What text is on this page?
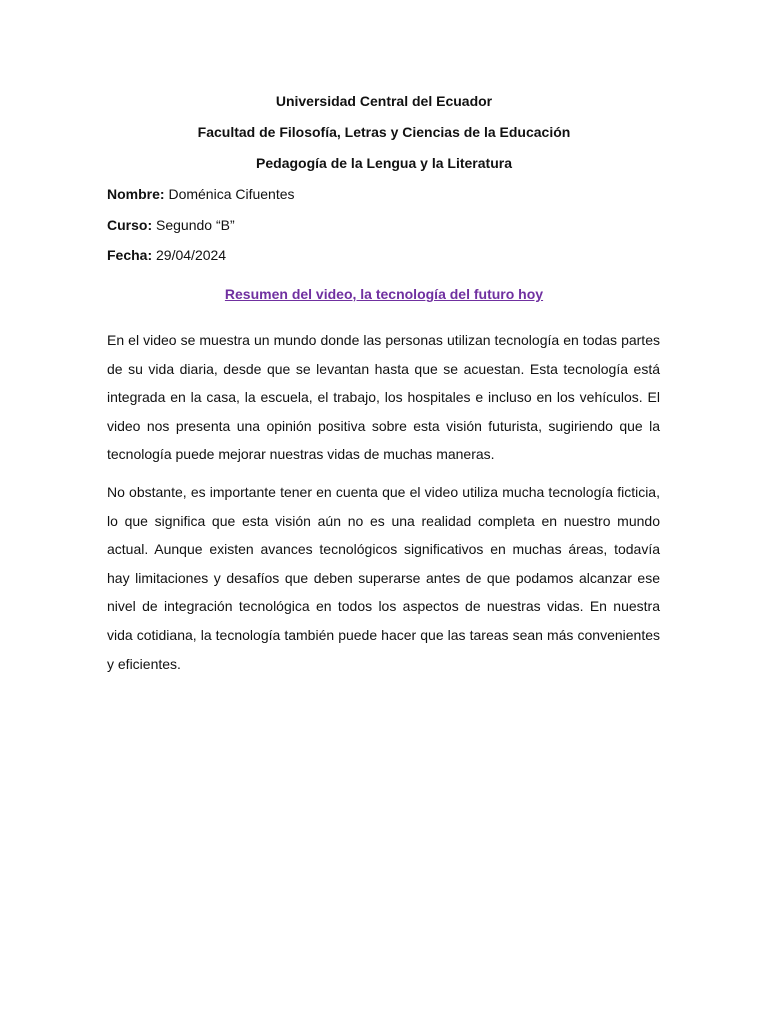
Universidad Central del Ecuador
Facultad de Filosofía, Letras y Ciencias de la Educación
Pedagogía de la Lengua y la Literatura
Nombre: Doménica Cifuentes
Curso: Segundo “B”
Fecha: 29/04/2024
Resumen del video, la tecnología del futuro hoy

En el video se muestra un mundo donde las personas utilizan tecnología en todas partes de su vida diaria, desde que se levantan hasta que se acuestan. Esta tecnología está integrada en la casa, la escuela, el trabajo, los hospitales e incluso en los vehículos. El video nos presenta una opinión positiva sobre esta visión futurista, sugiriendo que la tecnología puede mejorar nuestras vidas de muchas maneras.

No obstante, es importante tener en cuenta que el video utiliza mucha tecnología ficticia, lo que significa que esta visión aún no es una realidad completa en nuestro mundo actual. Aunque existen avances tecnológicos significativos en muchas áreas, todavía hay limitaciones y desafíos que deben superarse antes de que podamos alcanzar ese nivel de integración tecnológica en todos los aspectos de nuestras vidas. En nuestra vida cotidiana, la tecnología también puede hacer que las tareas sean más convenientes y eficientes.
